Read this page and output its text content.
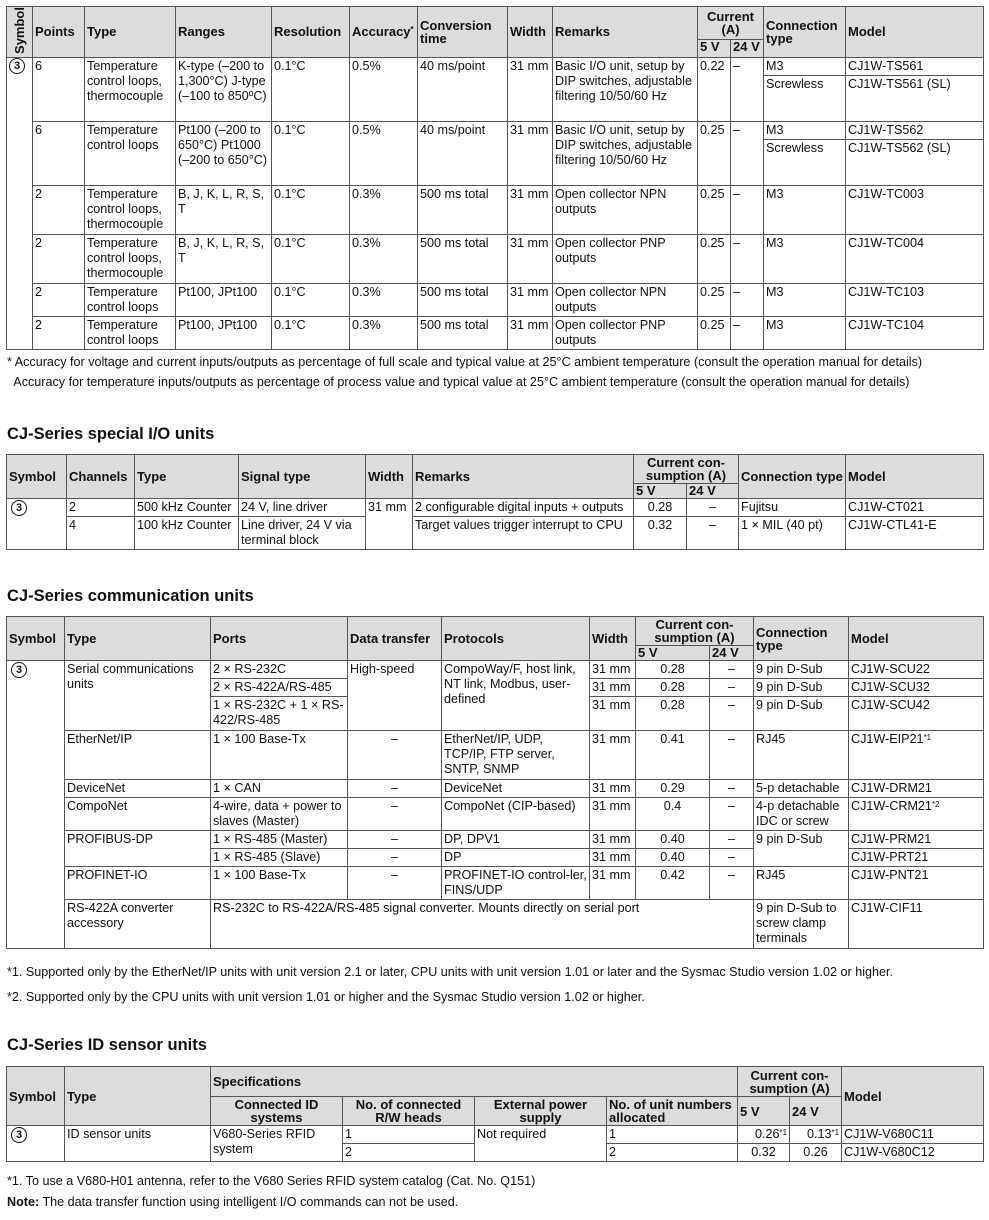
Symbol	Points	Type	Ranges	Resolution	Accuracy*	Conversion time	Width	Remarks	Current (A)		Connection type	Model
									5 V	24 V		
3	6	Temperature control loops, thermocouple	K-type (–200 to 1,300°C) J-type (–100 to 850ºC)	0.1°C	0.5%	40 ms/point	31 mm	Basic I/O unit, setup by DIP switches, adjustable filtering 10/50/60 Hz	0.22	–	M3	CJ1W-TS561
											Screwless	CJ1W-TS561 (SL)
	6	Temperature control loops	Pt100 (–200 to 650°C) Pt1000 (–200 to 650°C)	0.1°C	0.5%	40 ms/point	31 mm	Basic I/O unit, setup by DIP switches, adjustable filtering 10/50/60 Hz	0.25	–	M3	CJ1W-TS562
											Screwless	CJ1W-TS562 (SL)
	2	Temperature control loops, thermocouple	B, J, K, L, R, S, T	0.1°C	0.3%	500 ms total	31 mm	Open collector NPN outputs	0.25	–	M3	CJ1W-TC003
	2	Temperature control loops, thermocouple	B, J, K, L, R, S, T	0.1°C	0.3%	500 ms total	31 mm	Open collector PNP outputs	0.25	–	M3	CJ1W-TC004
	2	Temperature control loops	Pt100, JPt100	0.1°C	0.3%	500 ms total	31 mm	Open collector NPN outputs	0.25	–	M3	CJ1W-TC103
	2	Temperature control loops	Pt100, JPt100	0.1°C	0.3%	500 ms total	31 mm	Open collector PNP outputs	0.25	–	M3	CJ1W-TC104
* Accuracy for voltage and current inputs/outputs as percentage of full scale and typical value at 25°C ambient temperature (consult the operation manual for details)
Accuracy for temperature inputs/outputs as percentage of process value and typical value at 25°C ambient temperature (consult the operation manual for details)
CJ-Series special I/O units
Symbol	Channels	Type	Signal type	Width	Remarks	Current con-sumption (A)		Connection type	Model
						5 V	24 V		
3	2	500 kHz Counter	24 V, line driver	31 mm	2 configurable digital inputs + outputs	0.28	–	Fujitsu	CJ1W-CT021
	4	100 kHz Counter	Line driver, 24 V via terminal block		Target values trigger interrupt to CPU	0.32	–	1 × MIL (40 pt)	CJ1W-CTL41-E
CJ-Series communication units
Symbol	Type	Ports	Data transfer	Protocols	Width	Current con-sumption (A)		Connection type	Model
						5 V	24 V		
3	Serial communications units	2 × RS-232C	High-speed	CompoWay/F, host link, NT link, Modbus, user-defined	31 mm	0.28	–	9 pin D-Sub	CJ1W-SCU22
		2 × RS-422A/RS-485			31 mm	0.28	–	9 pin D-Sub	CJ1W-SCU32
		1 × RS-232C + 1 × RS-422/RS-485			31 mm	0.28	–	9 pin D-Sub	CJ1W-SCU42
	EtherNet/IP	1 × 100 Base-Tx	–	EtherNet/IP, UDP, TCP/IP, FTP server, SNTP, SNMP	31 mm	0.41	–	RJ45	CJ1W-EIP21$^{*1}$
	DeviceNet	1 × CAN	–	DeviceNet	31 mm	0.29	–	5-p detachable	CJ1W-DRM21
	CompoNet	4-wire, data + power to slaves (Master)	–	CompoNet (CIP-based)	31 mm	0.4	–	4-p detachable IDC or screw	CJ1W-CRM21$^{*2}$
	PROFIBUS-DP	1 × RS-485 (Master)	–	DP, DPV1	31 mm	0.40	–	9 pin D-Sub	CJ1W-PRM21
		1 × RS-485 (Slave)	–	DP	31 mm	0.40	–		CJ1W-PRT21
	PROFINET-IO	1 × 100 Base-Tx	–	PROFINET-IO control-ler, FINS/UDP	31 mm	0.42	–	RJ45	CJ1W-PNT21
	RS-422A converter accessory	RS-232C to RS-422A/RS-485 signal converter. Mounts directly on serial port						9 pin D-Sub to screw clamp terminals	CJ1W-CIF11
*1. Supported only by the EtherNet/IP units with unit version 2.1 or later, CPU units with unit version 1.01 or later and the Sysmac Studio version 1.02 or higher.
*2. Supported only by the CPU units with unit version 1.01 or higher and the Sysmac Studio version 1.02 or higher.
CJ-Series ID sensor units
Symbol	Type	Specifications				Current con-sumption (A)		Model
		Connected ID systems	No. of connected R/W heads	External power supply	No. of unit numbers allocated	5 V	24 V	
3	ID sensor units	V680-Series RFID system	1	Not required	1	0.26$^{*1}$	0.13$^{*1}$	CJ1W-V680C11
			2		2	0.32	0.26	CJ1W-V680C12
*1. To use a V680-H01 antenna, refer to the V680 Series RFID system catalog (Cat. No. Q151)
Note: The data transfer function using intelligent I/O commands can not be used.
